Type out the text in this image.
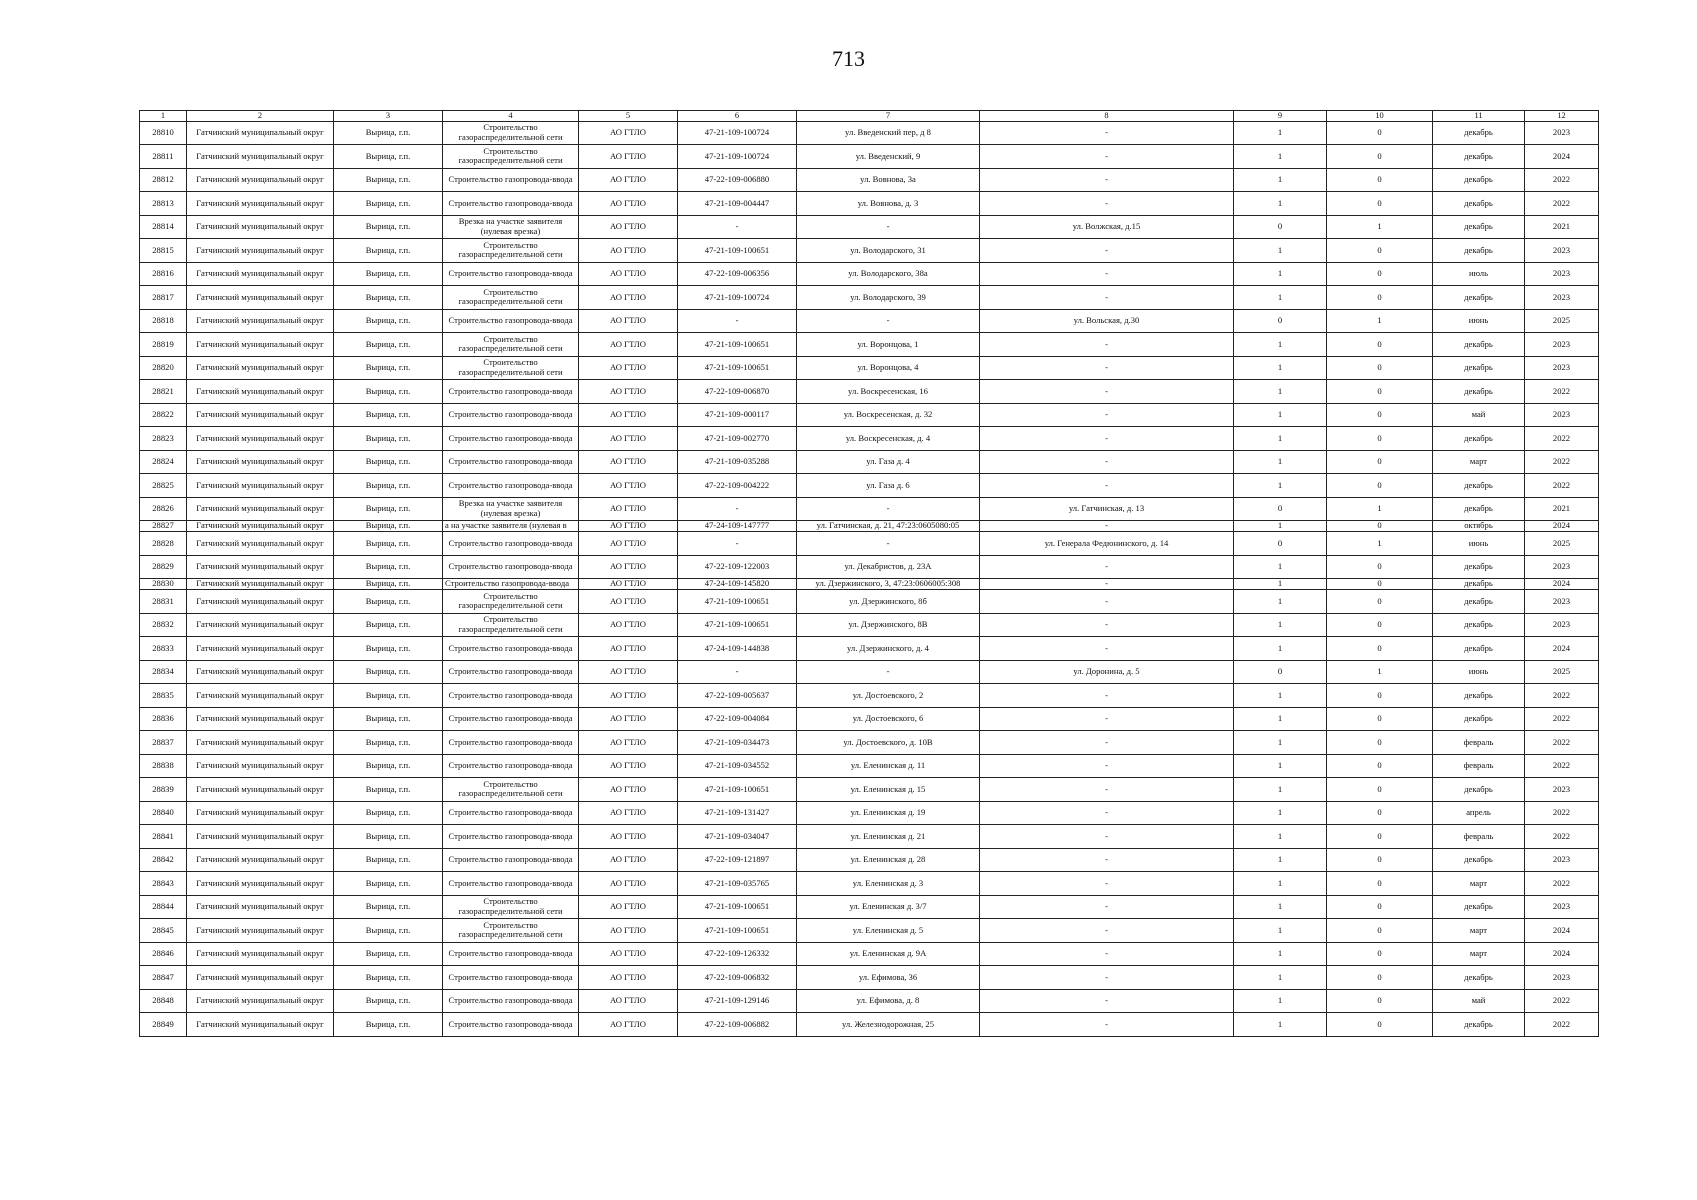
713
1	2	3	4	5	6	7	8	9	10	11	12
28810	Гатчинский муниципальный округ	Вырица, г.п.	Строительство газораспределительной сети	АО ГТЛО	47-21-109-100724	ул. Введенский пер, д 8	-	1	0	декабрь	2023
28811	Гатчинский муниципальный округ	Вырица, г.п.	Строительство газораспределительной сети	АО ГТЛО	47-21-109-100724	ул. Введенский, 9	-	1	0	декабрь	2024
28812	Гатчинский муниципальный округ	Вырица, г.п.	Строительство газопровода-ввода	АО ГТЛО	47-22-109-006880	ул. Вовнова, 3а	-	1	0	декабрь	2022
28813	Гатчинский муниципальный округ	Вырица, г.п.	Строительство газопровода-ввода	АО ГТЛО	47-21-109-004447	ул. Вовнова, д. 3	-	1	0	декабрь	2022
28814	Гатчинский муниципальный округ	Вырица, г.п.	Врезка на участке заявителя (нулевая врезка)	АО ГТЛО	-	-	ул. Волжская, д.15	0	1	декабрь	2021
28815	Гатчинский муниципальный округ	Вырица, г.п.	Строительство газораспределительной сети	АО ГТЛО	47-21-109-100651	ул. Володарского, 31	-	1	0	декабрь	2023
28816	Гатчинский муниципальный округ	Вырица, г.п.	Строительство газопровода-ввода	АО ГТЛО	47-22-109-006356	ул. Володарского, 38а	-	1	0	июль	2023
28817	Гатчинский муниципальный округ	Вырица, г.п.	Строительство газораспределительной сети	АО ГТЛО	47-21-109-100724	ул. Володарского, 39	-	1	0	декабрь	2023
28818	Гатчинский муниципальный округ	Вырица, г.п.	Строительство газопровода-ввода	АО ГТЛО	-	-	ул. Вольская, д.30	0	1	июнь	2025
28819	Гатчинский муниципальный округ	Вырица, г.п.	Строительство газораспределительной сети	АО ГТЛО	47-21-109-100651	ул. Воронцова, 1	-	1	0	декабрь	2023
28820	Гатчинский муниципальный округ	Вырица, г.п.	Строительство газораспределительной сети	АО ГТЛО	47-21-109-100651	ул. Воронцова, 4	-	1	0	декабрь	2023
28821	Гатчинский муниципальный округ	Вырица, г.п.	Строительство газопровода-ввода	АО ГТЛО	47-22-109-006870	ул. Воскресенская, 16	-	1	0	декабрь	2022
28822	Гатчинский муниципальный округ	Вырица, г.п.	Строительство газопровода-ввода	АО ГТЛО	47-21-109-000117	ул. Воскресенская, д. 32	-	1	0	май	2023
28823	Гатчинский муниципальный округ	Вырица, г.п.	Строительство газопровода-ввода	АО ГТЛО	47-21-109-002770	ул. Воскресенская, д. 4	-	1	0	декабрь	2022
28824	Гатчинский муниципальный округ	Вырица, г.п.	Строительство газопровода-ввода	АО ГТЛО	47-21-109-035288	ул. Газа д. 4	-	1	0	март	2022
28825	Гатчинский муниципальный округ	Вырица, г.п.	Строительство газопровода-ввода	АО ГТЛО	47-22-109-004222	ул. Газа д. 6	-	1	0	декабрь	2022
28826	Гатчинский муниципальный округ	Вырица, г.п.	Врезка на участке заявителя (нулевая врезка)	АО ГТЛО	-	-	ул. Гатчинская, д. 13	0	1	декабрь	2021
28827	Гатчинский муниципальный округ	Вырица, г.п.	а на участке заявителя (нулевая в	АО ГТЛО	47-24-109-147777	ул. Гатчинская, д. 21, 47:23:0605080:05	-	1	0	октябрь	2024
28828	Гатчинский муниципальный округ	Вырица, г.п.	Строительство газопровода-ввода	АО ГТЛО	-	-	ул. Генерала Федюнинского, д. 14	0	1	июнь	2025
28829	Гатчинский муниципальный округ	Вырица, г.п.	Строительство газопровода-ввода	АО ГТЛО	47-22-109-122003	ул. Декабристов, д. 23А	-	1	0	декабрь	2023
28830	Гатчинский муниципальный округ	Вырица, г.п.	Строительство газопровода-ввода	АО ГТЛО	47-24-109-145820	ул. Дзержинского, 3, 47:23:0606005:308	-	1	0	декабрь	2024
28831	Гатчинский муниципальный округ	Вырица, г.п.	Строительство газораспределительной сети	АО ГТЛО	47-21-109-100651	ул. Дзержинского, 8б	-	1	0	декабрь	2023
28832	Гатчинский муниципальный округ	Вырица, г.п.	Строительство газораспределительной сети	АО ГТЛО	47-21-109-100651	ул. Дзержинского, 8В	-	1	0	декабрь	2023
28833	Гатчинский муниципальный округ	Вырица, г.п.	Строительство газопровода-ввода	АО ГТЛО	47-24-109-144838	ул. Дзержинского, д. 4	-	1	0	декабрь	2024
28834	Гатчинский муниципальный округ	Вырица, г.п.	Строительство газопровода-ввода	АО ГТЛО	-	-	ул. Доронина, д. 5	0	1	июнь	2025
28835	Гатчинский муниципальный округ	Вырица, г.п.	Строительство газопровода-ввода	АО ГТЛО	47-22-109-005637	ул. Достоевского, 2	-	1	0	декабрь	2022
28836	Гатчинский муниципальный округ	Вырица, г.п.	Строительство газопровода-ввода	АО ГТЛО	47-22-109-004084	ул. Достоевского, 6	-	1	0	декабрь	2022
28837	Гатчинский муниципальный округ	Вырица, г.п.	Строительство газопровода-ввода	АО ГТЛО	47-21-109-034473	ул. Достоевского, д. 10В	-	1	0	февраль	2022
28838	Гатчинский муниципальный округ	Вырица, г.п.	Строительство газопровода-ввода	АО ГТЛО	47-21-109-034552	ул. Еленинская д. 11	-	1	0	февраль	2022
28839	Гатчинский муниципальный округ	Вырица, г.п.	Строительство газораспределительной сети	АО ГТЛО	47-21-109-100651	ул. Еленинская д. 15	-	1	0	декабрь	2023
28840	Гатчинский муниципальный округ	Вырица, г.п.	Строительство газопровода-ввода	АО ГТЛО	47-21-109-131427	ул. Еленинская д. 19	-	1	0	апрель	2022
28841	Гатчинский муниципальный округ	Вырица, г.п.	Строительство газопровода-ввода	АО ГТЛО	47-21-109-034047	ул. Еленинская д. 21	-	1	0	февраль	2022
28842	Гатчинский муниципальный округ	Вырица, г.п.	Строительство газопровода-ввода	АО ГТЛО	47-22-109-121897	ул. Еленинская д. 28	-	1	0	декабрь	2023
28843	Гатчинский муниципальный округ	Вырица, г.п.	Строительство газопровода-ввода	АО ГТЛО	47-21-109-035765	ул. Еленинская д. 3	-	1	0	март	2022
28844	Гатчинский муниципальный округ	Вырица, г.п.	Строительство газораспределительной сети	АО ГТЛО	47-21-109-100651	ул. Еленинская д. 3/7	-	1	0	декабрь	2023
28845	Гатчинский муниципальный округ	Вырица, г.п.	Строительство газораспределительной сети	АО ГТЛО	47-21-109-100651	ул. Еленинская д. 5	-	1	0	март	2024
28846	Гатчинский муниципальный округ	Вырица, г.п.	Строительство газопровода-ввода	АО ГТЛО	47-22-109-126332	ул. Еленинская д. 9А	-	1	0	март	2024
28847	Гатчинский муниципальный округ	Вырица, г.п.	Строительство газопровода-ввода	АО ГТЛО	47-22-109-006832	ул. Ефимова, 36	-	1	0	декабрь	2023
28848	Гатчинский муниципальный округ	Вырица, г.п.	Строительство газопровода-ввода	АО ГТЛО	47-21-109-129146	ул. Ефимова, д. 8	-	1	0	май	2022
28849	Гатчинский муниципальный округ	Вырица, г.п.	Строительство газопровода-ввода	АО ГТЛО	47-22-109-006882	ул. Железнодорожная, 25	-	1	0	декабрь	2022
